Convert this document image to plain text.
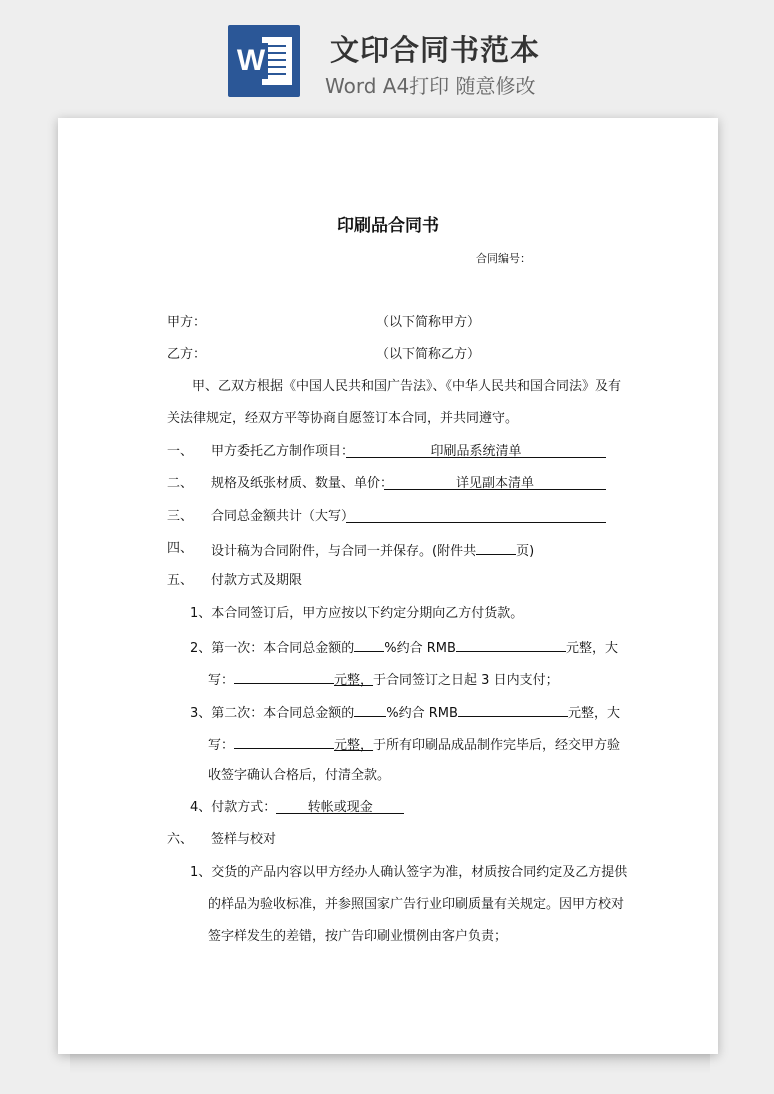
W 文印合同书范本
Word A4打印 随意修改
印刷品合同书
合同编号：
甲方：	（以下简称甲方）
乙方：	（以下简称乙方）
甲、乙双方根据《中国人民共和国广告法》、《中华人民共和国合同法》及有
关法律规定，经双方平等协商自愿签订本合同，并共同遵守。
一、 甲方委托乙方制作项目：	印刷品系统清单
二、 规格及纸张材质、数量、单价：	详见副本清单
三、 合同总金额共计（大写）
四、 设计稿为合同附件，与合同一并保存。(附件共	页)
五、 付款方式及期限
1、本合同签订后，甲方应按以下约定分期向乙方付货款。
2、第一次：本合同总金额的 %约合 RMB	元整，大
写：	元整，于合同签订之日起 3 日内支付；
3、第二次：本合同总金额的 %约合 RMB	元整，大
写：	元整，于所有印刷品成品制作完毕后，经交甲方验
收签字确认合格后，付清全款。
4、付款方式： 转帐或现金
六、 签样与校对
1、交货的产品内容以甲方经办人确认签字为准，材质按合同约定及乙方提供
的样品为验收标准，并参照国家广告行业印刷质量有关规定。因甲方校对
签字样发生的差错，按广告印刷业惯例由客户负责；
